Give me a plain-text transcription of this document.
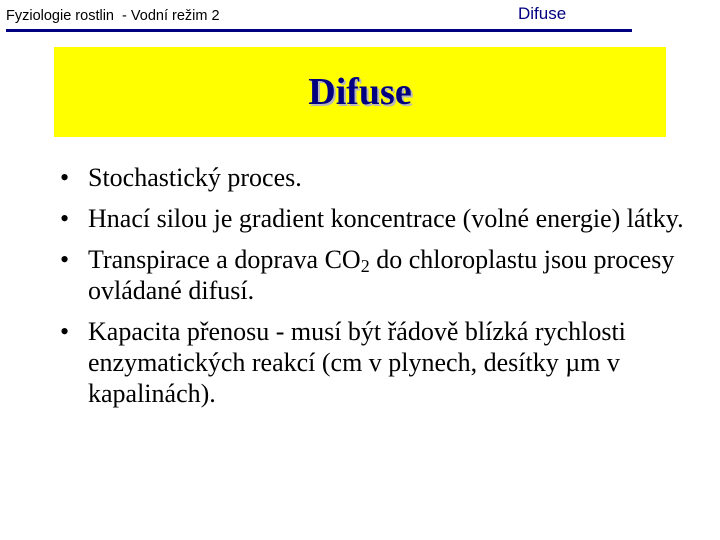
Fyziologie rostlin  - Vodní režim 2	Difuse
Difuse
• Stochastický proces.
• Hnací silou je gradient koncentrace (volné energie) látky.
• Transpirace a doprava $CO_2$ do chloroplastu jsou procesy ovládané difusí.
• Kapacita přenosu - musí být řádově blízká rychlosti enzymatických reakcí (cm v plynech, desítky µm v kapalinách).
